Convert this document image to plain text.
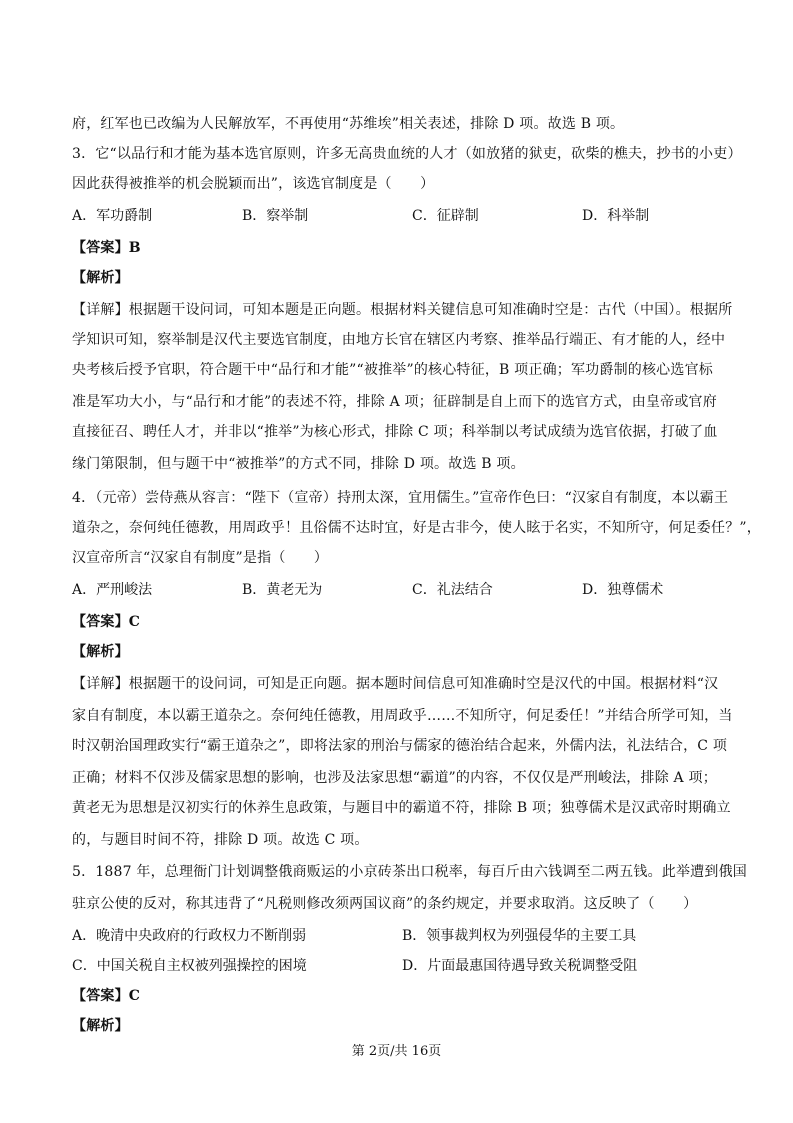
府，红军也已改编为人民解放军，不再使用“苏维埃”相关表述，排除 D 项。故选 B 项。
3．它“以品行和才能为基本选官原则，许多无高贵血统的人才（如放猪的狱吏，砍柴的樵夫，抄书的小吏）
因此获得被推举的机会脱颖而出”，该选官制度是（　　）
A．军功爵制	B．察举制	C．征辟制	D．科举制
【答案】B
【解析】
【详解】根据题干设问词，可知本题是正向题。根据材料关键信息可知准确时空是：古代（中国）。根据所
学知识可知，察举制是汉代主要选官制度，由地方长官在辖区内考察、推举品行端正、有才能的人，经中
央考核后授予官职，符合题干中“品行和才能”“被推举”的核心特征，B 项正确；军功爵制的核心选官标
准是军功大小，与“品行和才能”的表述不符，排除 A 项；征辟制是自上而下的选官方式，由皇帝或官府
直接征召、聘任人才，并非以“推举”为核心形式，排除 C 项；科举制以考试成绩为选官依据，打破了血
缘门第限制，但与题干中“被推举”的方式不同，排除 D 项。故选 B 项。
4．（元帝）尝侍燕从容言：“陛下（宣帝）持刑太深，宜用儒生。”宣帝作色曰：“汉家自有制度，本以霸王
道杂之，奈何纯任德教，用周政乎！且俗儒不达时宜，好是古非今，使人眩于名实，不知所守，何足委任？”，
汉宣帝所言“汉家自有制度”是指（　　）
A．严刑峻法	B．黄老无为	C．礼法结合	D．独尊儒术
【答案】C
【解析】
【详解】根据题干的设问词，可知是正向题。据本题时间信息可知准确时空是汉代的中国。根据材料“汉
家自有制度，本以霸王道杂之。奈何纯任德教，用周政乎……不知所守，何足委任！”并结合所学可知，当
时汉朝治国理政实行“霸王道杂之”，即将法家的刑治与儒家的德治结合起来，外儒内法，礼法结合，C 项
正确；材料不仅涉及儒家思想的影响，也涉及法家思想“霸道”的内容，不仅仅是严刑峻法，排除 A 项；
黄老无为思想是汉初实行的休养生息政策，与题目中的霸道不符，排除 B 项；独尊儒术是汉武帝时期确立
的，与题目时间不符，排除 D 项。故选 C 项。
5．1887 年，总理衙门计划调整俄商贩运的小京砖茶出口税率，每百斤由六钱调至二两五钱。此举遭到俄国
驻京公使的反对，称其违背了“凡税则修改须两国议商”的条约规定，并要求取消。这反映了（　　）
A．晚清中央政府的行政权力不断削弱	B．领事裁判权为列强侵华的主要工具
C．中国关税自主权被列强操控的困境	D．片面最惠国待遇导致关税调整受阻
【答案】C
【解析】
第 2页/共 16页
